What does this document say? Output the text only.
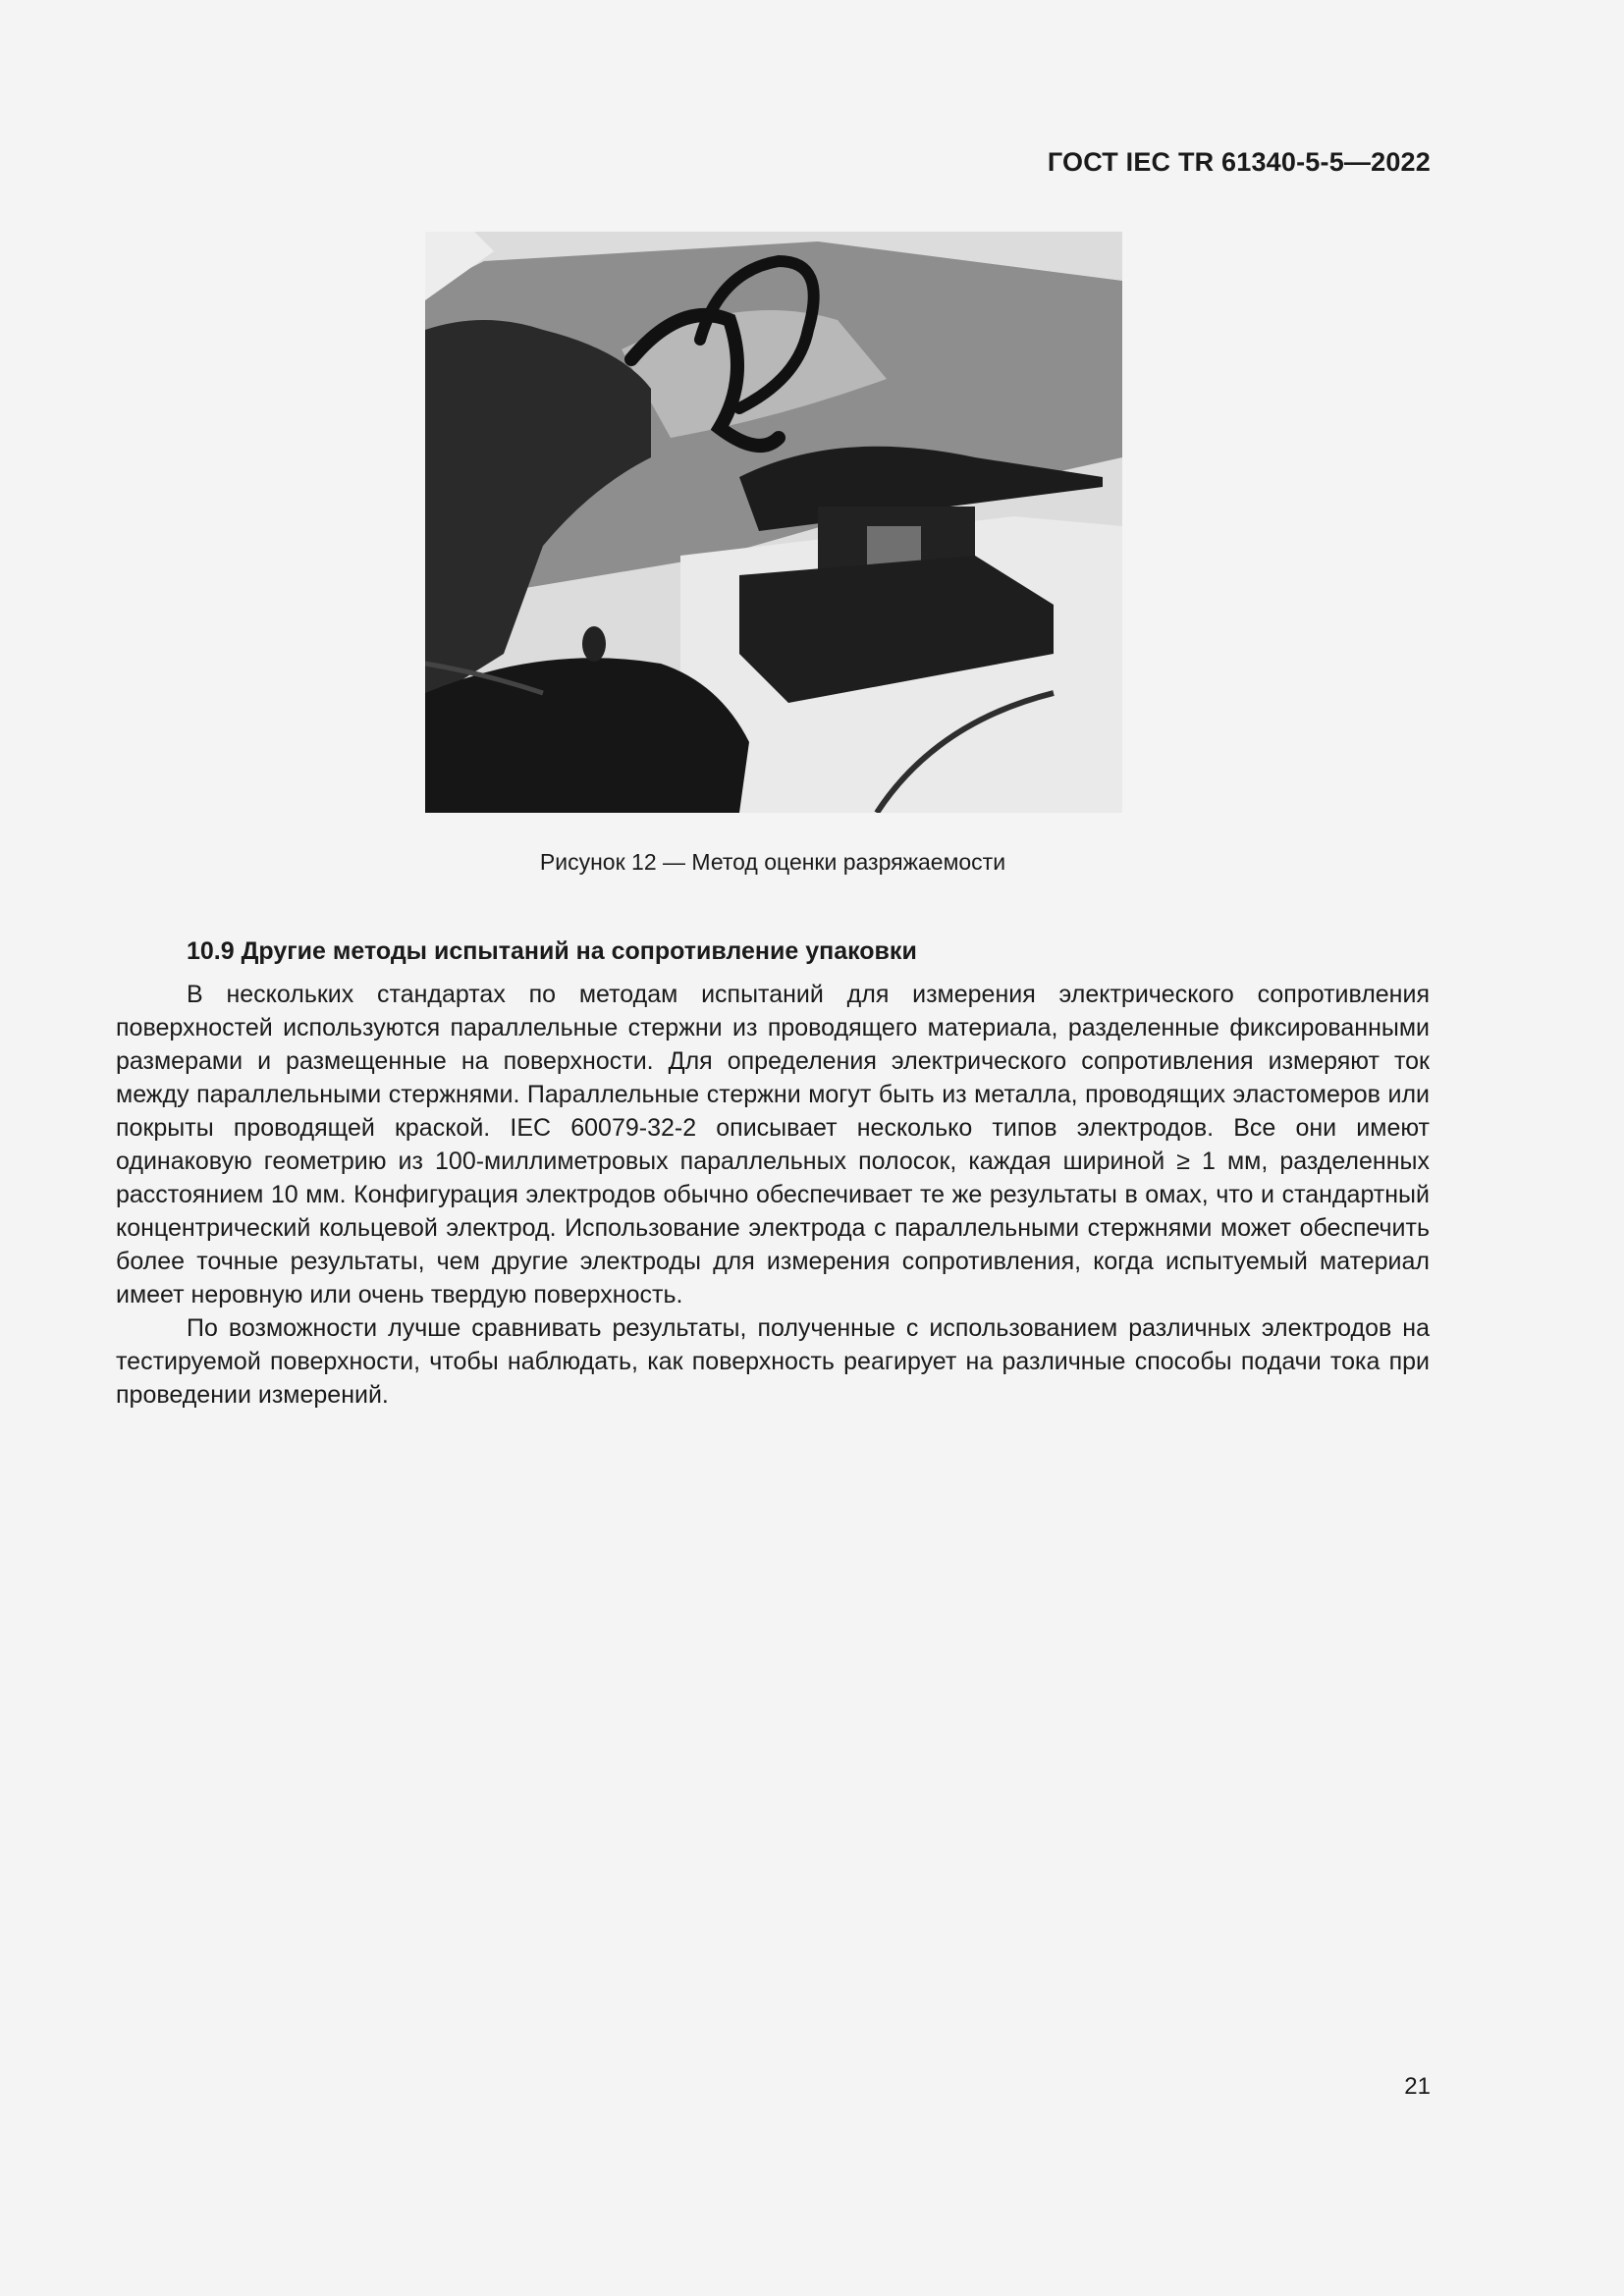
ГОСТ IEC TR 61340-5-5—2022
Рисунок 12 — Метод оценки разряжаемости
10.9 Другие методы испытаний на сопротивление упаковки

В нескольких стандартах по методам испытаний для измерения электрического сопротивления поверхностей используются параллельные стержни из проводящего материала, разделенные фиксированными размерами и размещенные на поверхности. Для определения электрического сопротивления измеряют ток между параллельными стержнями. Параллельные стержни могут быть из металла, проводящих эластомеров или покрыты проводящей краской. IEC 60079-32-2 описывает несколько типов электродов. Все они имеют одинаковую геометрию из 100-миллиметровых параллельных полосок, каждая шириной ≥ 1 мм, разделенных расстоянием 10 мм. Конфигурация электродов обычно обеспечивает те же результаты в омах, что и стандартный концентрический кольцевой электрод. Использование электрода с параллельными стержнями может обеспечить более точные результаты, чем другие электроды для измерения сопротивления, когда испытуемый материал имеет неровную или очень твердую поверхность.

По возможности лучше сравнивать результаты, полученные с использованием различных электродов на тестируемой поверхности, чтобы наблюдать, как поверхность реагирует на различные способы подачи тока при проведении измерений.

21
